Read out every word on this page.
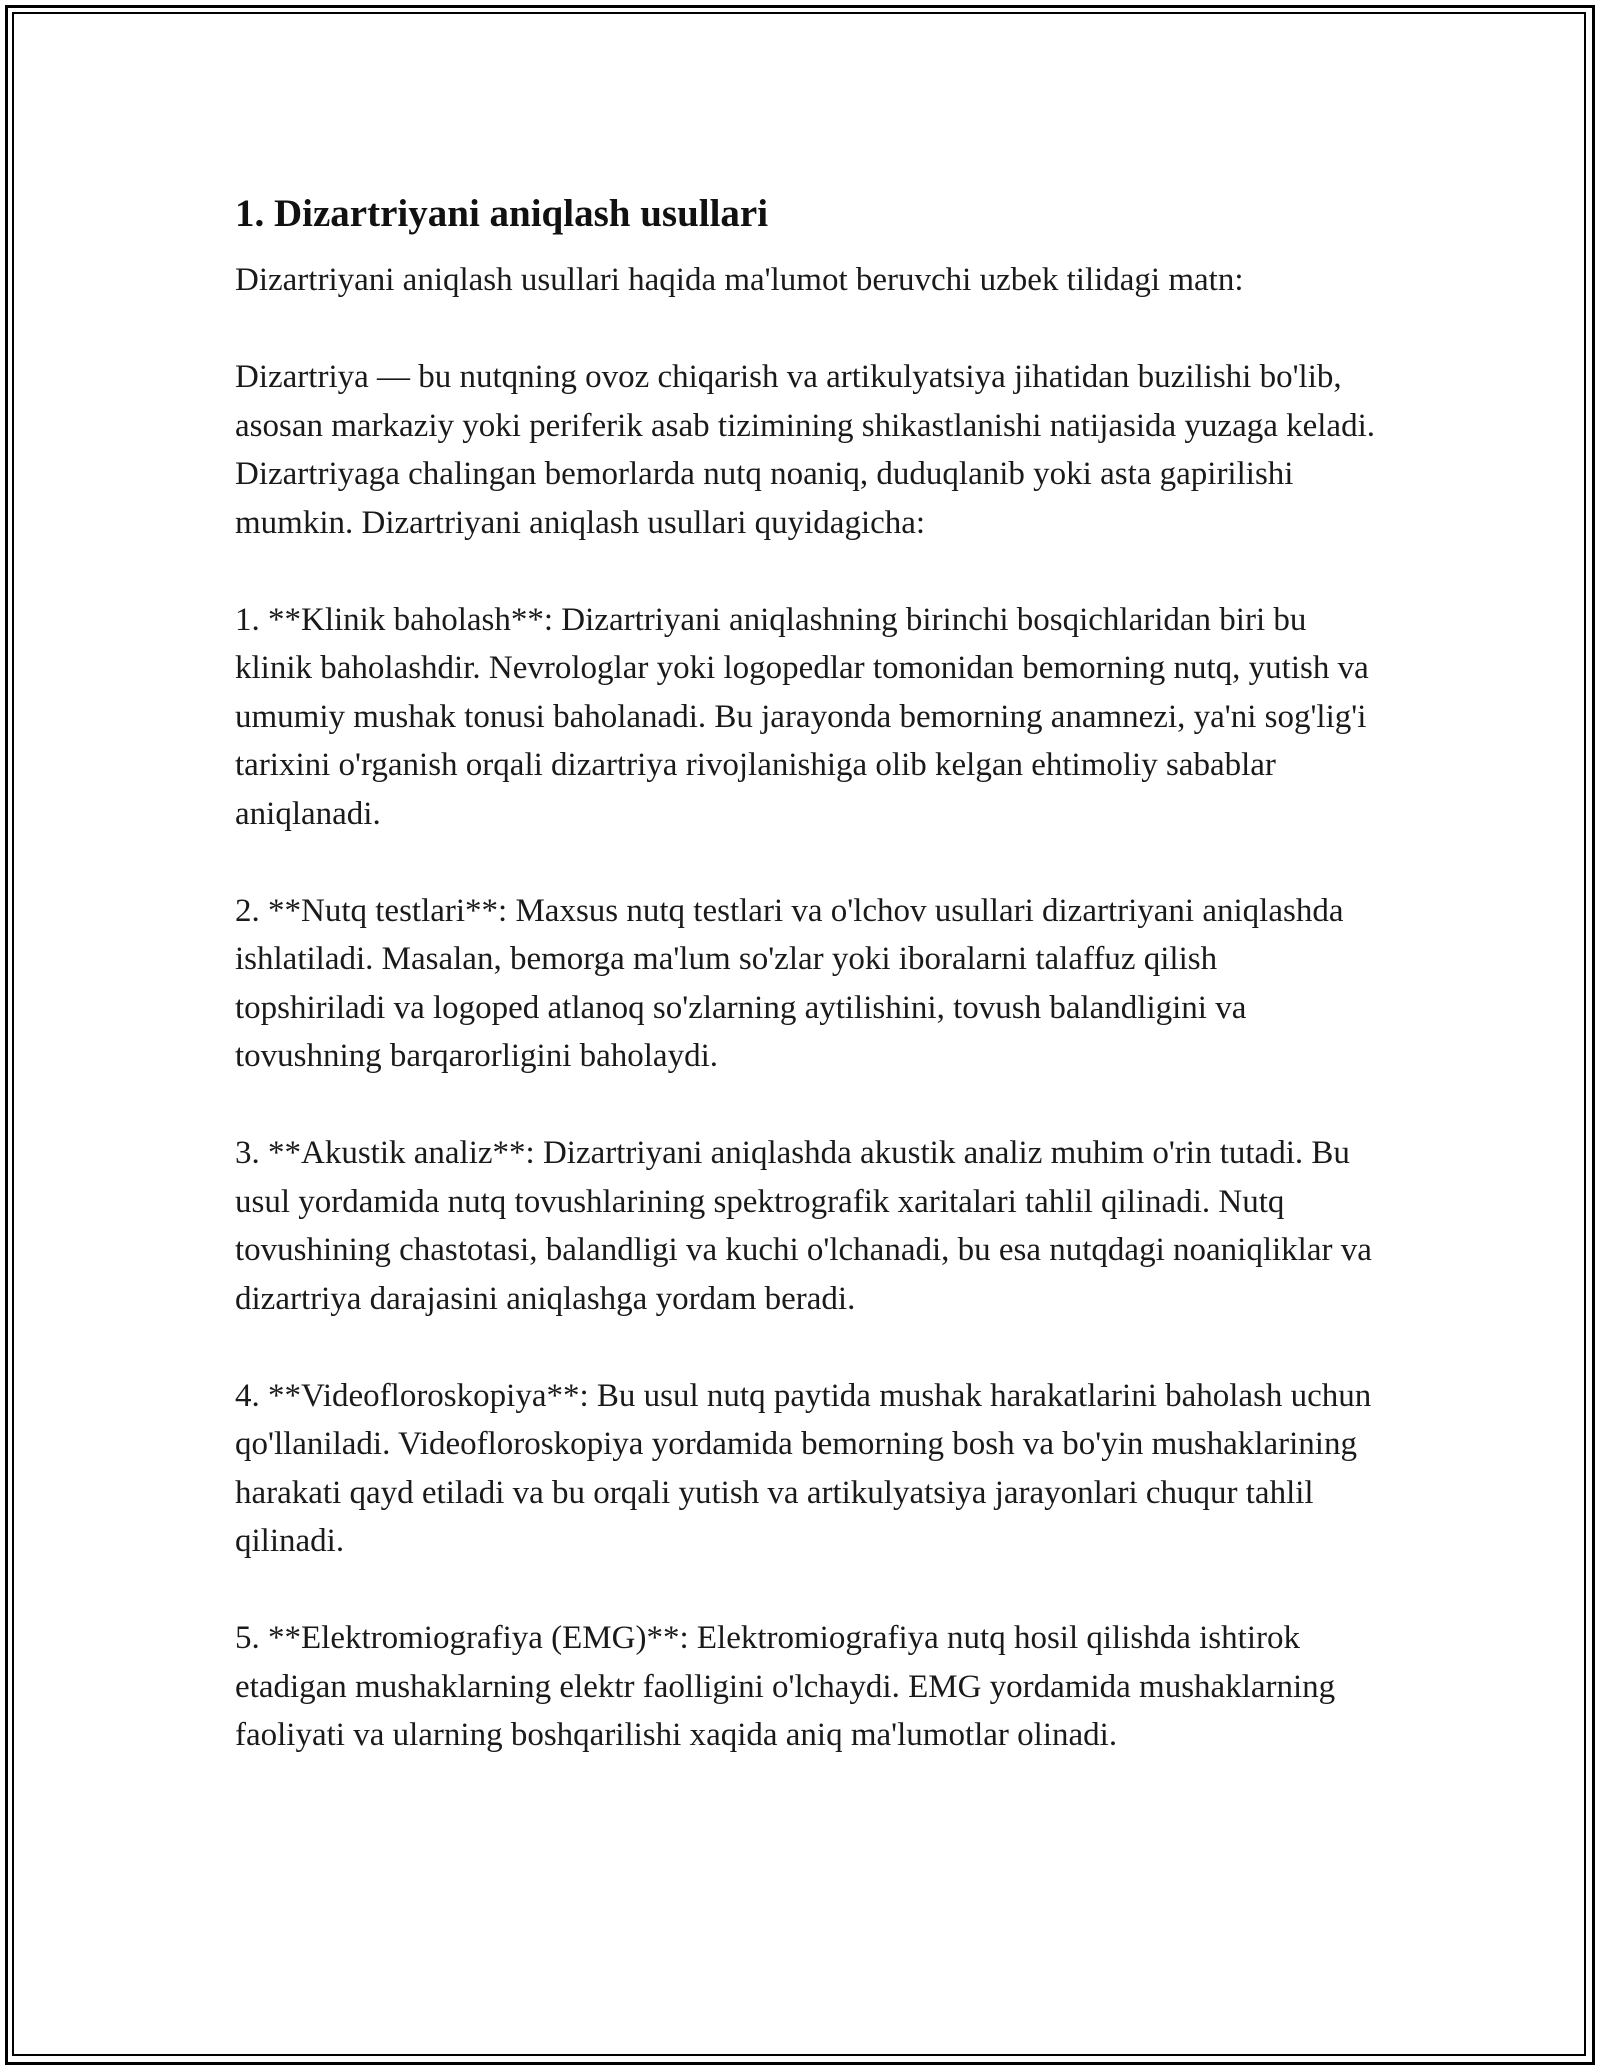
1. Dizartriyani aniqlash usullari

Dizartriyani aniqlash usullari haqida ma'lumot beruvchi uzbek tilidagi matn:

Dizartriya — bu nutqning ovoz chiqarish va artikulyatsiya jihatidan buzilishi bo'lib, asosan markaziy yoki periferik asab tizimining shikastlanishi natijasida yuzaga keladi. Dizartriyaga chalingan bemorlarda nutq noaniq, duduqlanib yoki asta gapirilishi mumkin. Dizartriyani aniqlash usullari quyidagicha:

1. **Klinik baholash**: Dizartriyani aniqlashning birinchi bosqichlaridan biri bu klinik baholashdir. Nevrologlar yoki logopedlar tomonidan bemorning nutq, yutish va umumiy mushak tonusi baholanadi. Bu jarayonda bemorning anamnezi, ya'ni sog'lig'i tarixini o'rganish orqali dizartriya rivojlanishiga olib kelgan ehtimoliy sabablar aniqlanadi.

2. **Nutq testlari**: Maxsus nutq testlari va o'lchov usullari dizartriyani aniqlashda ishlatiladi. Masalan, bemorga ma'lum so'zlar yoki iboralarni talaffuz qilish topshiriladi va logoped atlanoq so'zlarning aytilishini, tovush balandligini va tovushning barqarorligini baholaydi.

3. **Akustik analiz**: Dizartriyani aniqlashda akustik analiz muhim o'rin tutadi. Bu usul yordamida nutq tovushlarining spektrografik xaritalari tahlil qilinadi. Nutq tovushining chastotasi, balandligi va kuchi o'lchanadi, bu esa nutqdagi noaniqliklar va dizartriya darajasini aniqlashga yordam beradi.

4. **Videofloroskopiya**: Bu usul nutq paytida mushak harakatlarini baholash uchun qo'llaniladi. Videofloroskopiya yordamida bemorning bosh va bo'yin mushaklarining harakati qayd etiladi va bu orqali yutish va artikulyatsiya jarayonlari chuqur tahlil qilinadi.

5. **Elektromiografiya (EMG)**: Elektromiografiya nutq hosil qilishda ishtirok etadigan mushaklarning elektr faolligini o'lchaydi. EMG yordamida mushaklarning faoliyati va ularning boshqarilishi xaqida aniq ma'lumotlar olinadi.
